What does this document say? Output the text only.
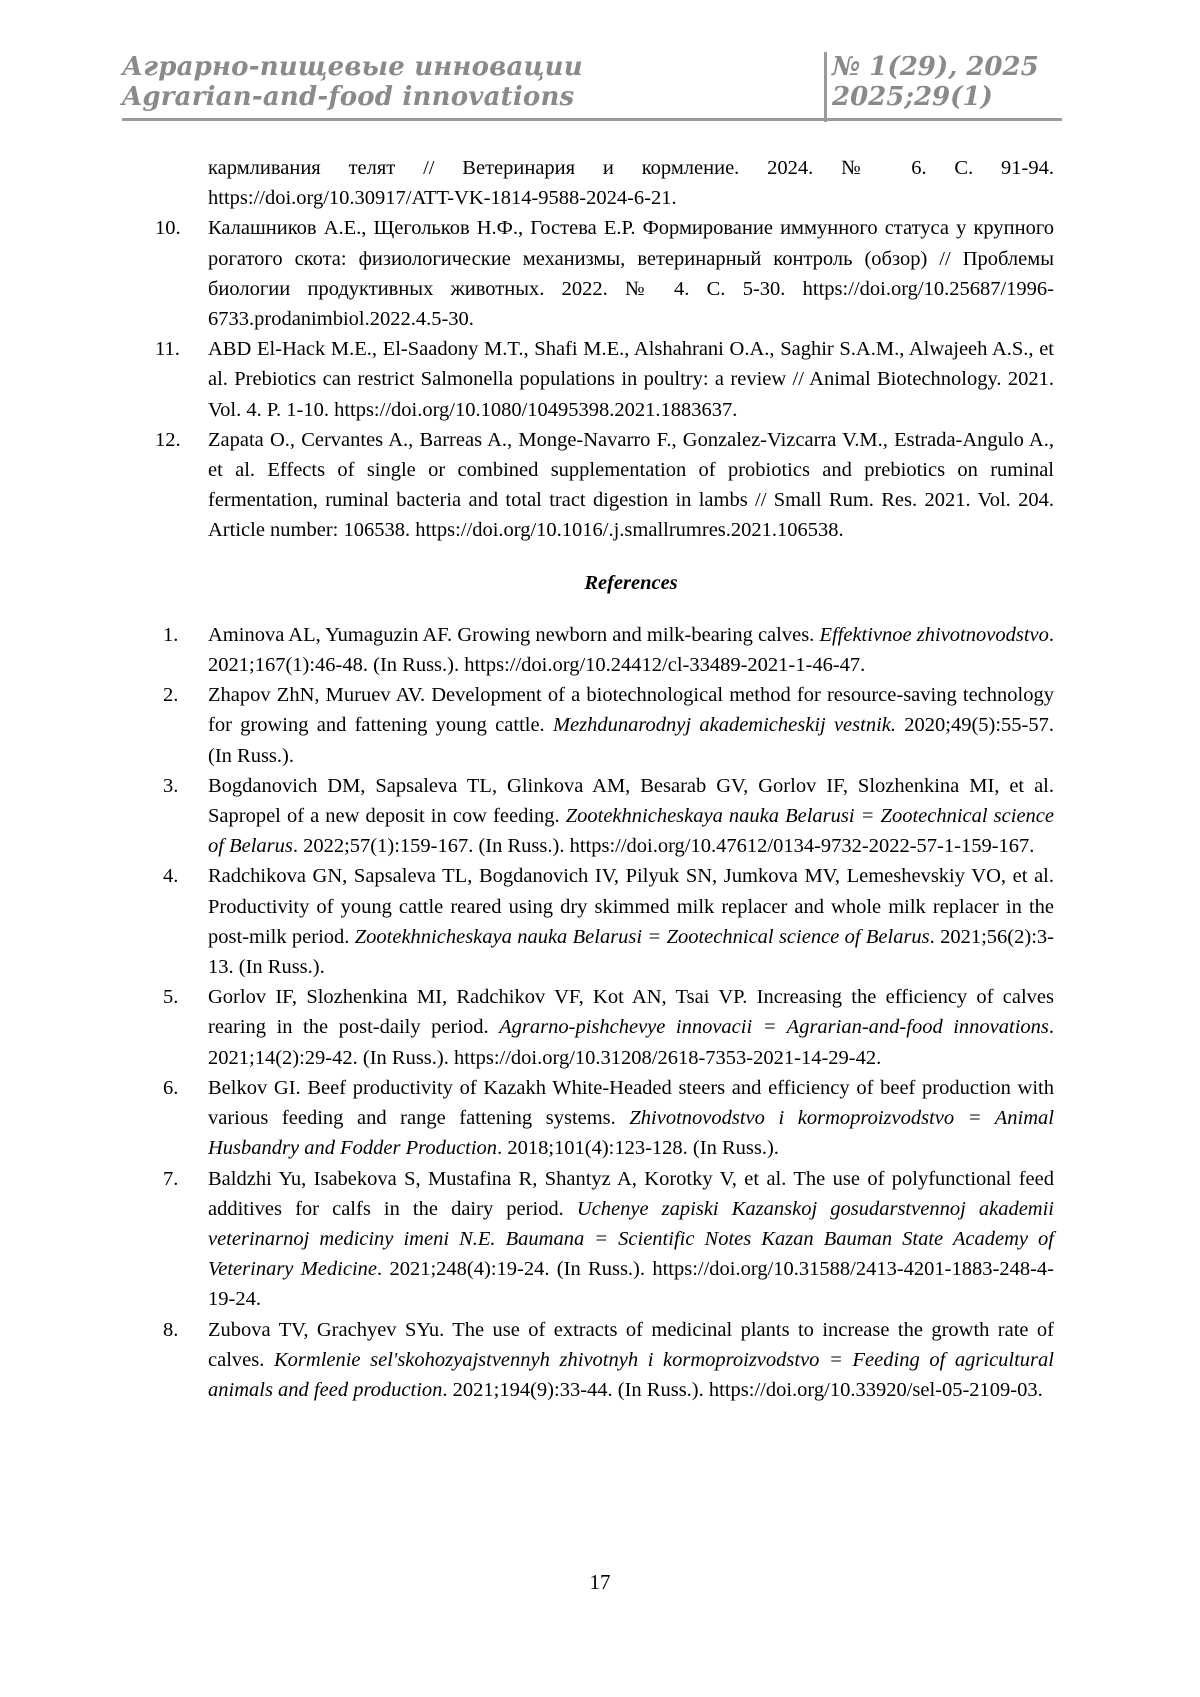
Аграрно-пищевые инновации
Agrarian-and-food innovations
№ 1(29), 2025
2025;29(1)
кармливания телят // Ветеринария и кормление. 2024. № 6. С. 91-94. https://doi.org/10.30917/ATT-VK-1814-9588-2024-6-21.
10. Калашников А.Е., Щегольков Н.Ф., Гостева Е.Р. Формирование иммунного статуса у крупного рогатого скота: физиологические механизмы, ветеринарный контроль (обзор) // Проблемы биологии продуктивных животных. 2022. № 4. С. 5-30. https://doi.org/10.25687/1996-6733.prodanimbiol.2022.4.5-30.
11. ABD El-Hack M.E., El-Saadony M.T., Shafi M.E., Alshahrani O.A., Saghir S.A.M., Alwajeeh A.S., et al. Prebiotics can restrict Salmonella populations in poultry: a review // Animal Biotechnology. 2021. Vol. 4. P. 1-10. https://doi.org/10.1080/10495398.2021.1883637.
12. Zapata O., Cervantes A., Barreas A., Monge-Navarro F., Gonzalez-Vizcarra V.M., Estrada-Angulo A., et al. Effects of single or combined supplementation of probiotics and prebiotics on ruminal fermentation, ruminal bacteria and total tract digestion in lambs // Small Rum. Res. 2021. Vol. 204. Article number: 106538. https://doi.org/10.1016/.j.smallrumres.2021.106538.
References
1. Aminova AL, Yumaguzin AF. Growing newborn and milk-bearing calves. Effektivnoe zhivotnovodstvo. 2021;167(1):46-48. (In Russ.). https://doi.org/10.24412/cl-33489-2021-1-46-47.
2. Zhapov ZhN, Muruev AV. Development of a biotechnological method for resource-saving technology for growing and fattening young cattle. Mezhdunarodnyj akademicheskij vestnik. 2020;49(5):55-57. (In Russ.).
3. Bogdanovich DM, Sapsaleva TL, Glinkova AM, Besarab GV, Gorlov IF, Slozhenkina MI, et al. Sapropel of a new deposit in cow feeding. Zootekhnicheskaya nauka Belarusi = Zootechnical science of Belarus. 2022;57(1):159-167. (In Russ.). https://doi.org/10.47612/0134-9732-2022-57-1-159-167.
4. Radchikova GN, Sapsaleva TL, Bogdanovich IV, Pilyuk SN, Jumkova MV, Lemeshevskiy VO, et al. Productivity of young cattle reared using dry skimmed milk replacer and whole milk replacer in the post-milk period. Zootekhnicheskaya nauka Belarusi = Zootechnical science of Belarus. 2021;56(2):3-13. (In Russ.).
5. Gorlov IF, Slozhenkina MI, Radchikov VF, Kot AN, Tsai VP. Increasing the efficiency of calves rearing in the post-daily period. Agrarno-pishchevye innovacii = Agrarian-and-food innovations. 2021;14(2):29-42. (In Russ.). https://doi.org/10.31208/2618-7353-2021-14-29-42.
6. Belkov GI. Beef productivity of Kazakh White-Headed steers and efficiency of beef production with various feeding and range fattening systems. Zhivotnovodstvo i kormoproizvodstvo = Animal Husbandry and Fodder Production. 2018;101(4):123-128. (In Russ.).
7. Baldzhi Yu, Isabekova S, Mustafina R, Shantyz A, Korotky V, et al. The use of polyfunctional feed additives for calfs in the dairy period. Uchenye zapiski Kazanskoj gosudarstvennoj akademii veterinarnoj mediciny imeni N.E. Baumana = Scientific Notes Kazan Bauman State Academy of Veterinary Medicine. 2021;248(4):19-24. (In Russ.). https://doi.org/10.31588/2413-4201-1883-248-4-19-24.
8. Zubova TV, Grachyev SYu. The use of extracts of medicinal plants to increase the growth rate of calves. Kormlenie sel'skohozyajstvennyh zhivotnyh i kormoproizvodstvo = Feeding of agricultural animals and feed production. 2021;194(9):33-44. (In Russ.). https://doi.org/10.33920/sel-05-2109-03.
17
